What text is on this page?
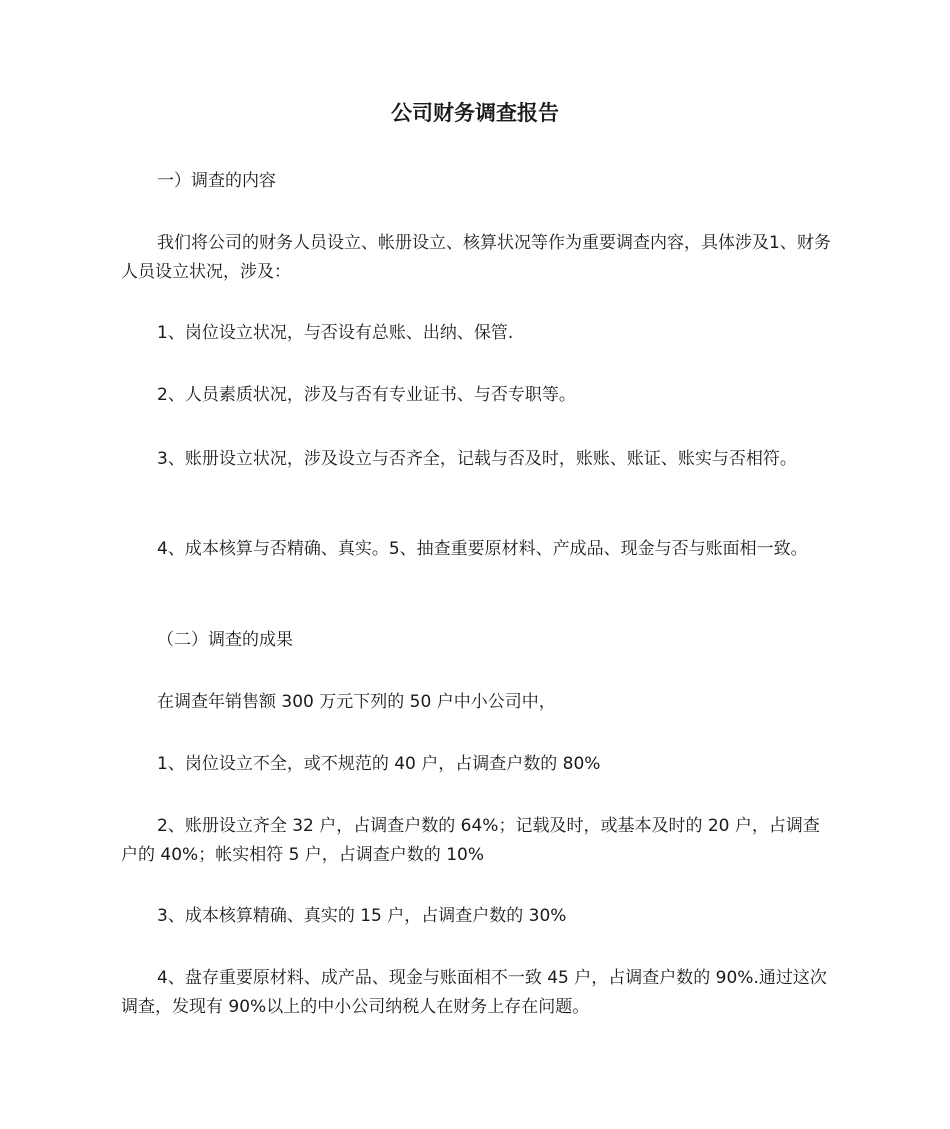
公司财务调查报告

一）调查的内容

我们将公司的财务人员设立、帐册设立、核算状况等作为重要调查内容，具体涉及1、财务人员设立状况，涉及：

1、岗位设立状况，与否设有总账、出纳、保管.

2、人员素质状况，涉及与否有专业证书、与否专职等。

3、账册设立状况，涉及设立与否齐全，记载与否及时，账账、账证、账实与否相符。

4、成本核算与否精确、真实。5、抽查重要原材料、产成品、现金与否与账面相一致。

（二）调查的成果

在调查年销售额 300 万元下列的 50 户中小公司中，

1、岗位设立不全，或不规范的 40 户，占调查户数的 80%

2、账册设立齐全 32 户，占调查户数的 64%；记载及时，或基本及时的 20 户，占调查户的 40%；帐实相符 5 户，占调查户数的 10%

3、成本核算精确、真实的 15 户，占调查户数的 30%

4、盘存重要原材料、成产品、现金与账面相不一致 45 户，占调查户数的 90%.通过这次调查，发现有 90%以上的中小公司纳税人在财务上存在问题。
